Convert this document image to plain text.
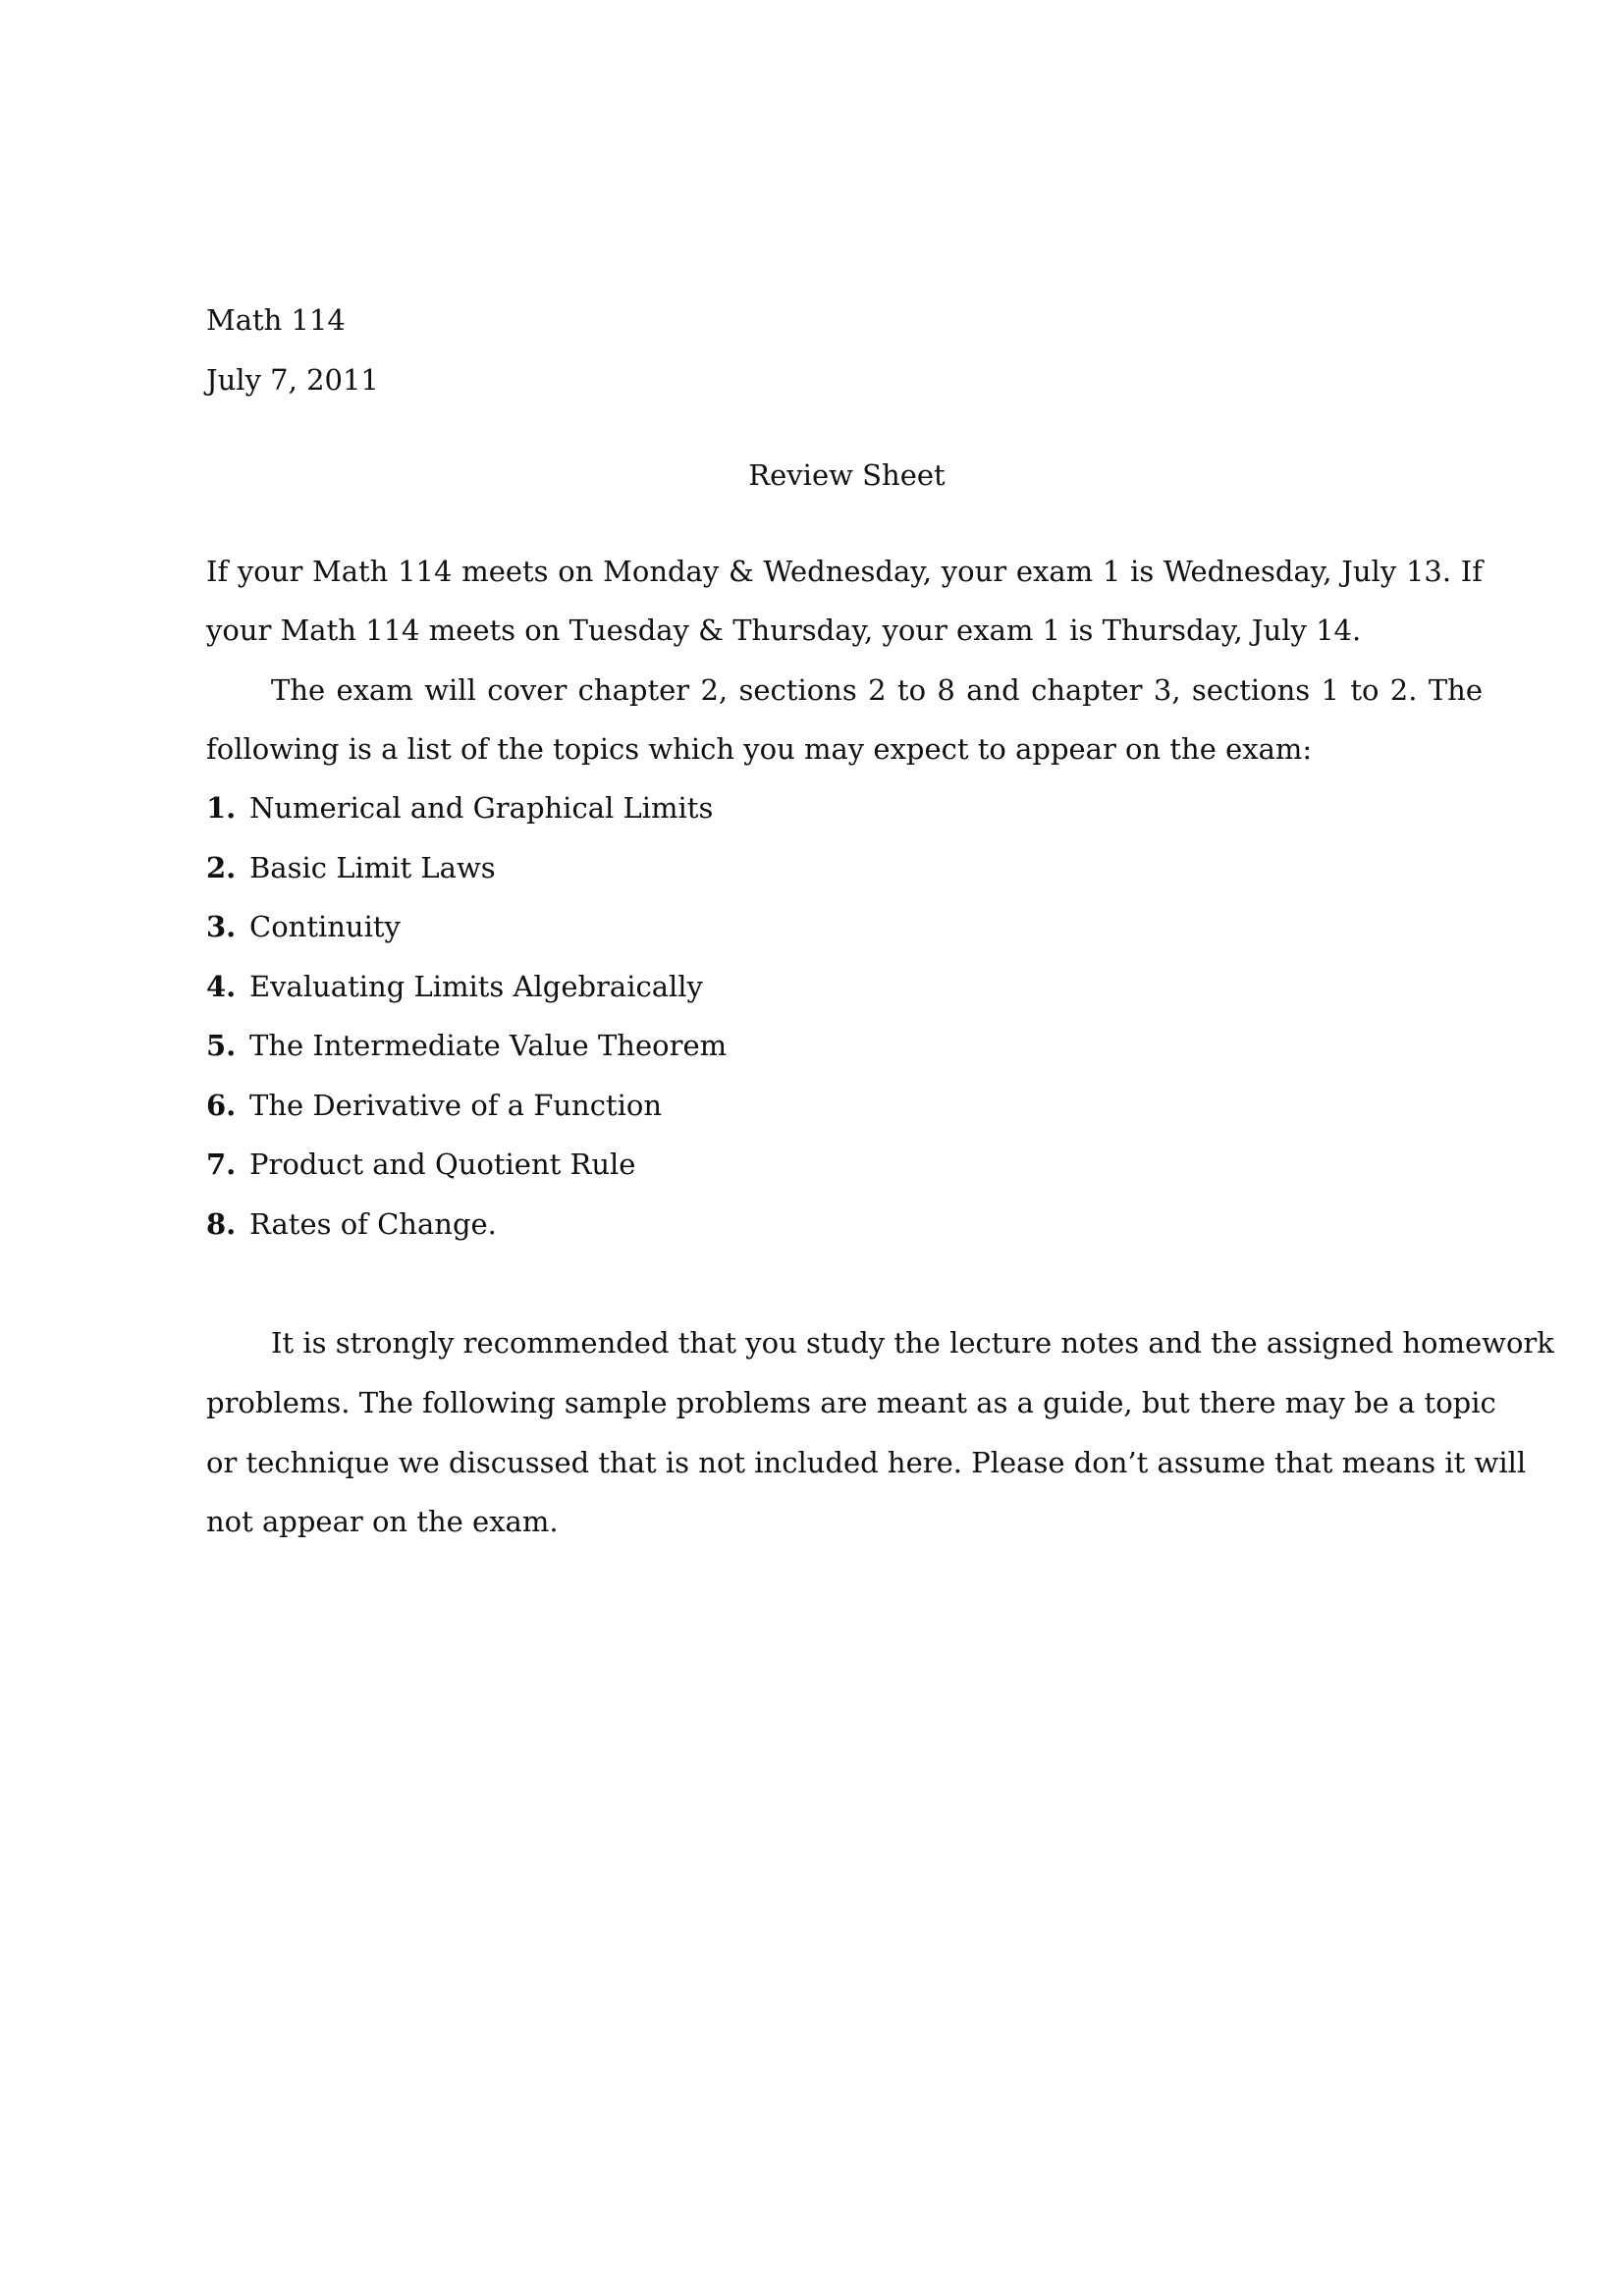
Math 114
July 7, 2011
Review Sheet
If your Math 114 meets on Monday & Wednesday, your exam 1 is Wednesday, July 13. If
your Math 114 meets on Tuesday & Thursday, your exam 1 is Thursday, July 14.
The exam will cover chapter 2, sections 2 to 8 and chapter 3, sections 1 to 2. The
following is a list of the topics which you may expect to appear on the exam:
1. Numerical and Graphical Limits
2. Basic Limit Laws
3. Continuity
4. Evaluating Limits Algebraically
5. The Intermediate Value Theorem
6. The Derivative of a Function
7. Product and Quotient Rule
8. Rates of Change.
It is strongly recommended that you study the lecture notes and the assigned homework
problems. The following sample problems are meant as a guide, but there may be a topic
or technique we discussed that is not included here. Please don’t assume that means it will
not appear on the exam.
